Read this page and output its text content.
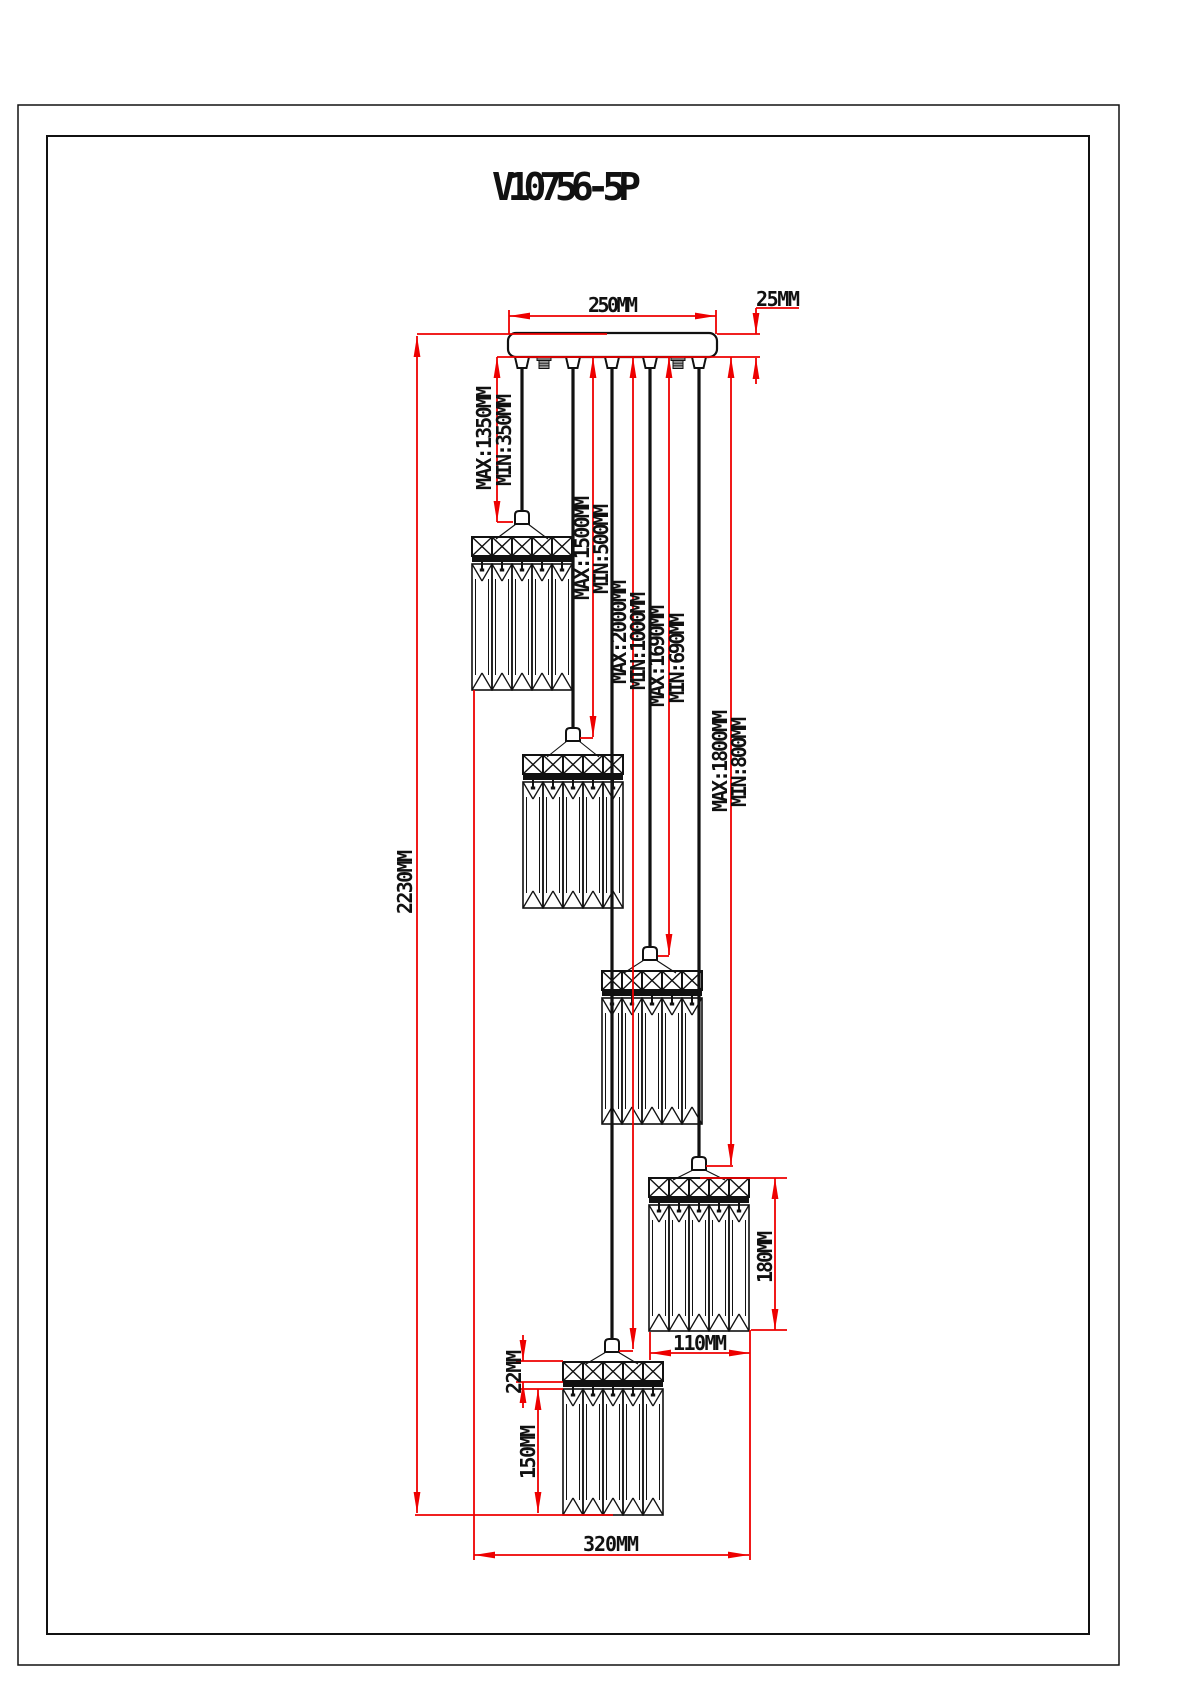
V10756-5P
250MM	25MM
MAX:1350MM
MIN:350MM
MAX:1500MM
MIN:500MM
MAX:2000MM
MIN:1000MM
MAX:1690MM
MIN:690MM
MAX:1800MM
MIN:800MM
2230MM
180MM
110MM
22MM
150MM
320MM
